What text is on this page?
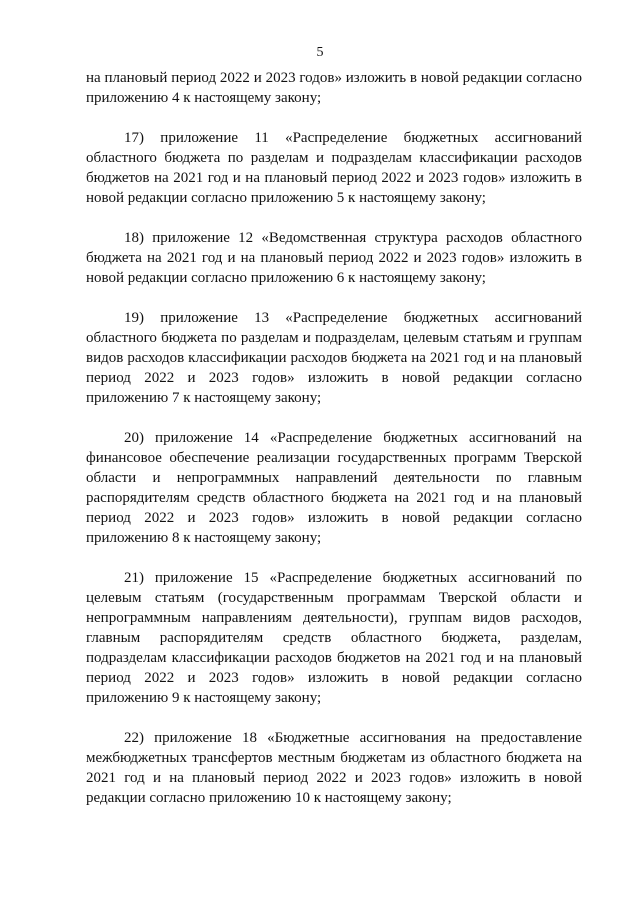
5

на плановый период 2022 и 2023 годов» изложить в новой редакции согласно приложению 4 к настоящему закону;

17) приложение 11 «Распределение бюджетных ассигнований областного бюджета по разделам и подразделам классификации расходов бюджетов на 2021 год и на плановый период 2022 и 2023 годов» изложить в новой редакции согласно приложению 5 к настоящему закону;

18) приложение 12 «Ведомственная структура расходов областного бюджета на 2021 год и на плановый период 2022 и 2023 годов» изложить в новой редакции согласно приложению 6 к настоящему закону;

19) приложение 13 «Распределение бюджетных ассигнований областного бюджета по разделам и подразделам, целевым статьям и группам видов расходов классификации расходов бюджета на 2021 год и на плановый период 2022 и 2023 годов» изложить в новой редакции согласно приложению 7 к настоящему закону;

20) приложение 14 «Распределение бюджетных ассигнований на финансовое обеспечение реализации государственных программ Тверской области и непрограммных направлений деятельности по главным распорядителям средств областного бюджета на 2021 год и на плановый период 2022 и 2023 годов» изложить в новой редакции согласно приложению 8 к настоящему закону;

21) приложение 15 «Распределение бюджетных ассигнований по целевым статьям (государственным программам Тверской области и непрограммным направлениям деятельности), группам видов расходов, главным распорядителям средств областного бюджета, разделам, подразделам классификации расходов бюджетов на 2021 год и на плановый период 2022 и 2023 годов» изложить в новой редакции согласно приложению 9 к настоящему закону;

22) приложение 18 «Бюджетные ассигнования на предоставление межбюджетных трансфертов местным бюджетам из областного бюджета на 2021 год и на плановый период 2022 и 2023 годов» изложить в новой редакции согласно приложению 10 к настоящему закону;
